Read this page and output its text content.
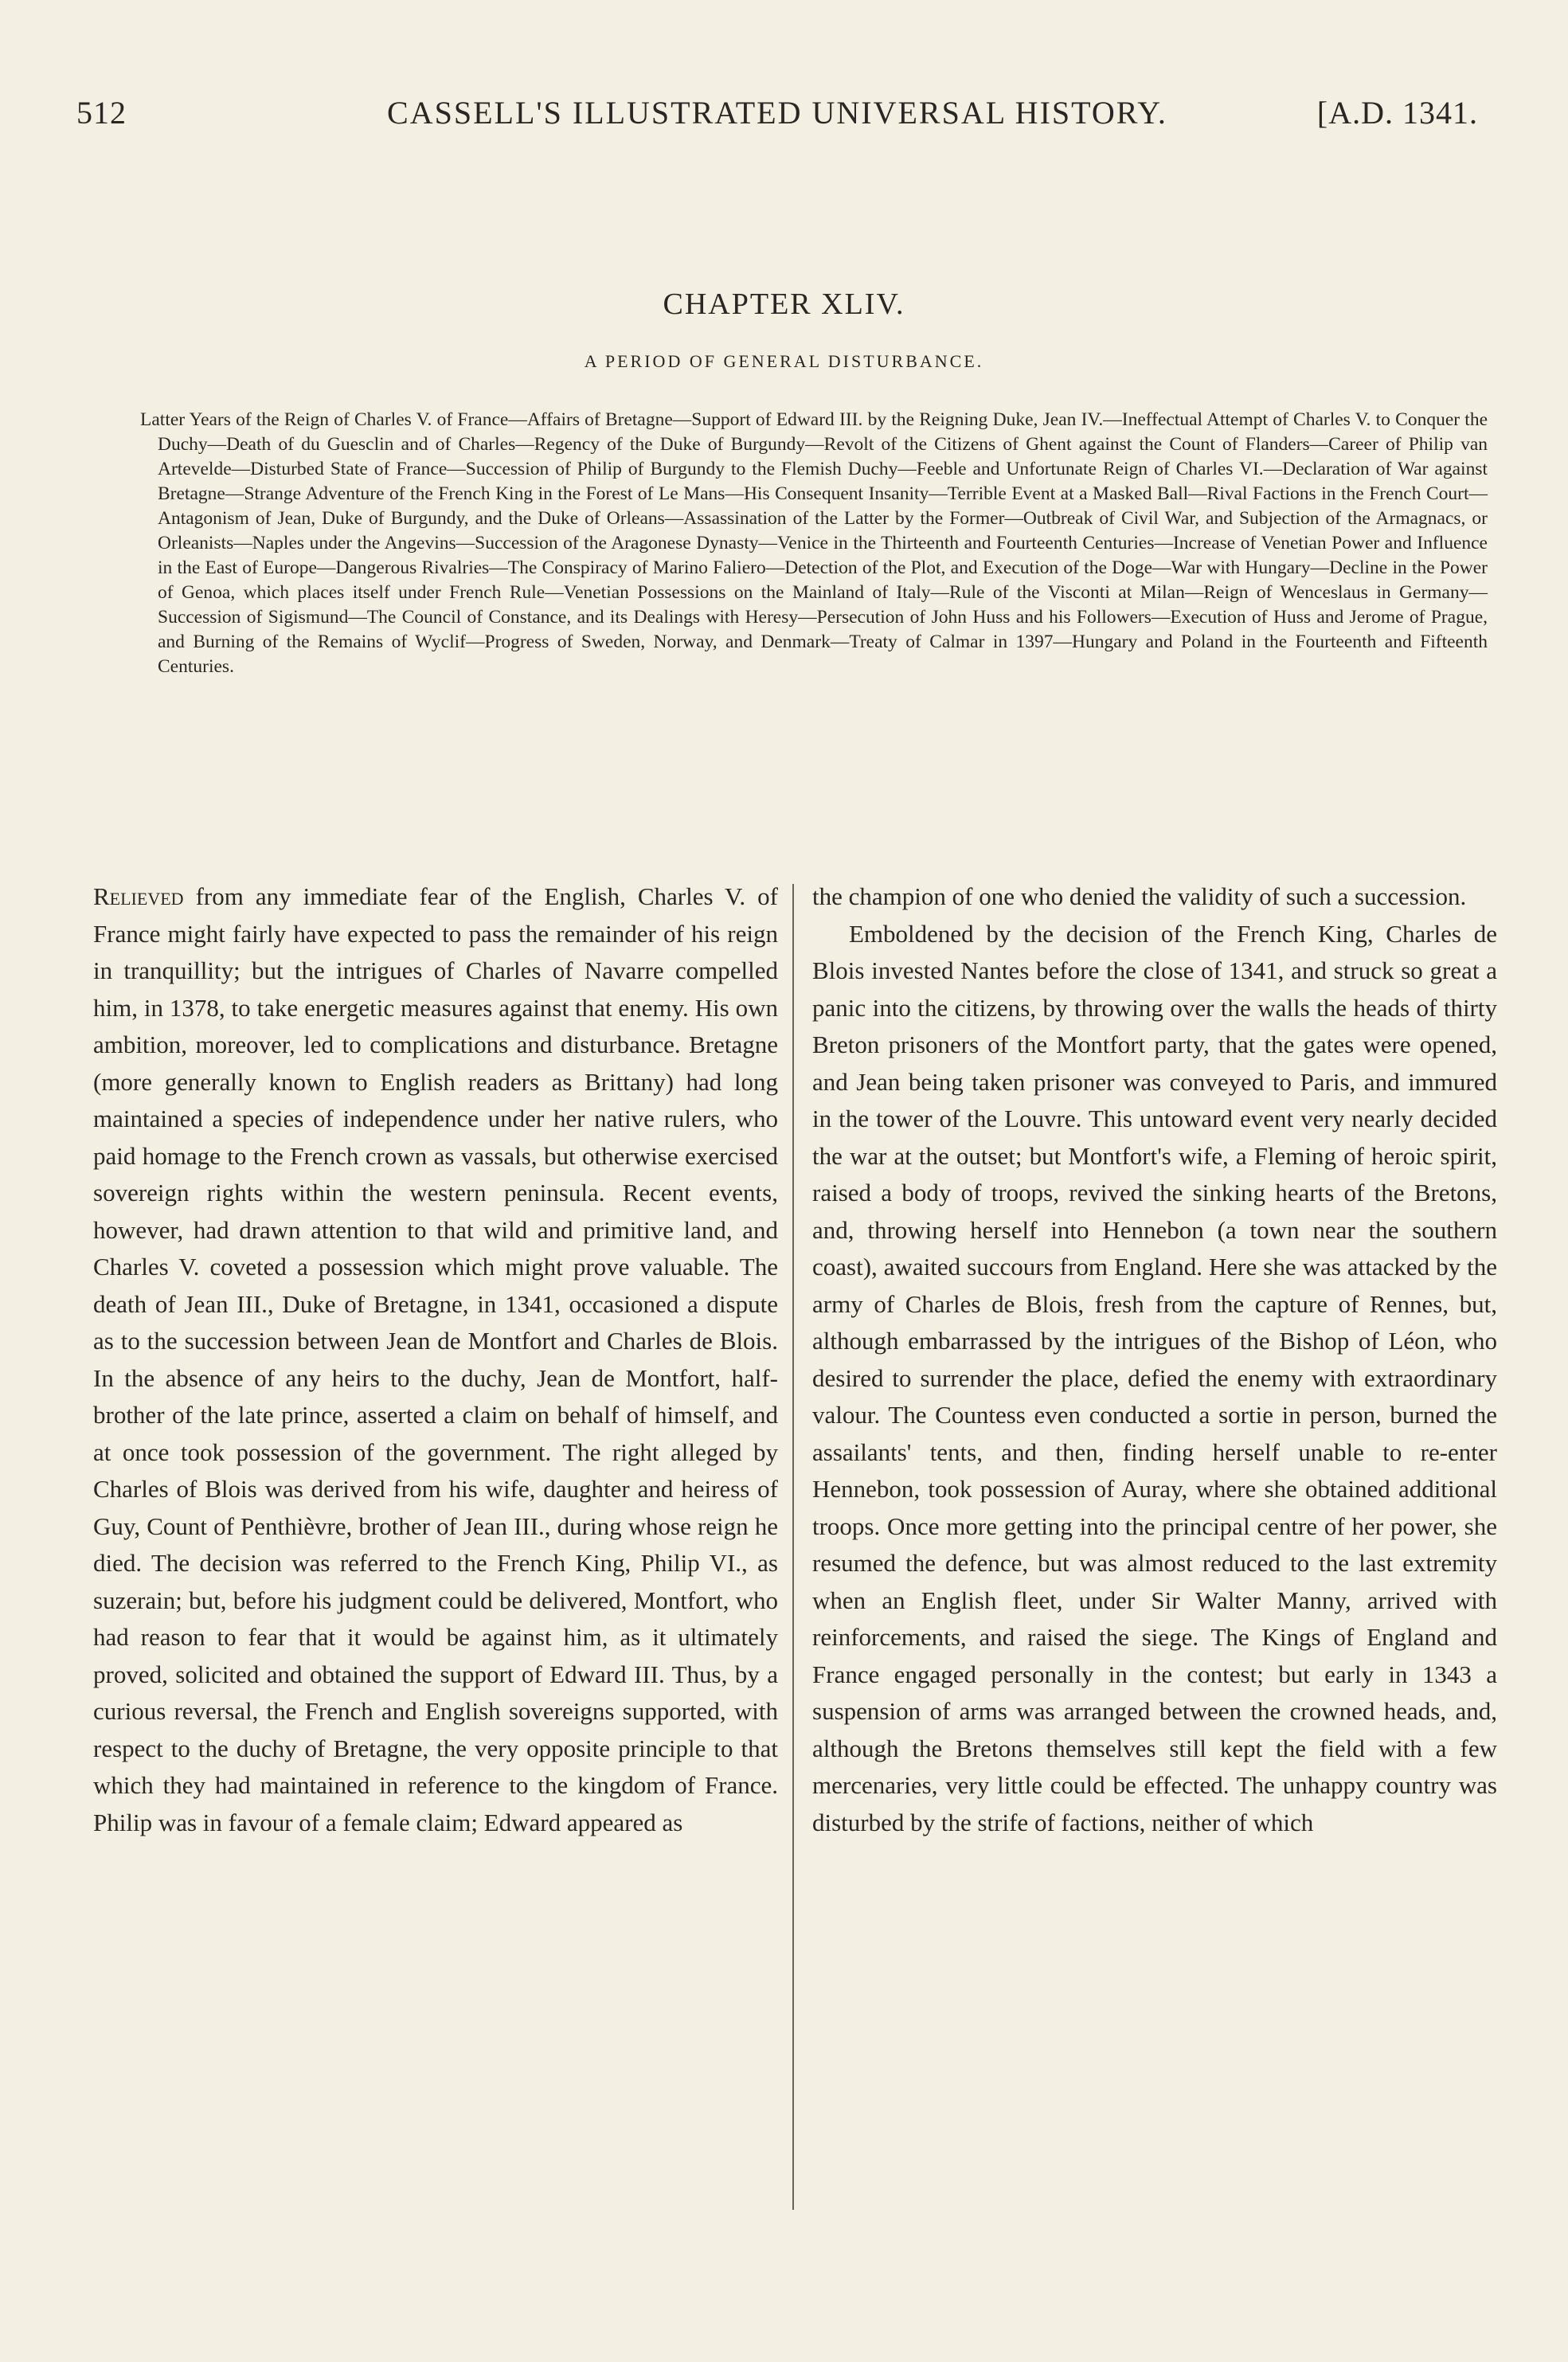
512	CASSELL'S ILLUSTRATED UNIVERSAL HISTORY.	[A.D. 1341.
CHAPTER XLIV.
A PERIOD OF GENERAL DISTURBANCE.
Latter Years of the Reign of Charles V. of France—Affairs of Bretagne—Support of Edward III. by the Reigning Duke, Jean IV.—Ineffectual Attempt of Charles V. to Conquer the Duchy—Death of du Guesclin and of Charles—Regency of the Duke of Burgundy—Revolt of the Citizens of Ghent against the Count of Flanders—Career of Philip van Artevelde—Disturbed State of France—Succession of Philip of Burgundy to the Flemish Duchy—Feeble and Unfortunate Reign of Charles VI.—Declaration of War against Bretagne—Strange Adventure of the French King in the Forest of Le Mans—His Consequent Insanity—Terrible Event at a Masked Ball—Rival Factions in the French Court—Antagonism of Jean, Duke of Burgundy, and the Duke of Orleans—Assassination of the Latter by the Former—Outbreak of Civil War, and Subjection of the Armagnacs, or Orleanists—Naples under the Angevins—Succession of the Aragonese Dynasty—Venice in the Thirteenth and Fourteenth Centuries—Increase of Venetian Power and Influence in the East of Europe—Dangerous Rivalries—The Conspiracy of Marino Faliero—Detection of the Plot, and Execution of the Doge—War with Hungary—Decline in the Power of Genoa, which places itself under French Rule—Venetian Possessions on the Mainland of Italy—Rule of the Visconti at Milan—Reign of Wenceslaus in Germany—Succession of Sigismund—The Council of Constance, and its Dealings with Heresy—Persecution of John Huss and his Followers—Execution of Huss and Jerome of Prague, and Burning of the Remains of Wyclif—Progress of Sweden, Norway, and Denmark—Treaty of Calmar in 1397—Hungary and Poland in the Fourteenth and Fifteenth Centuries.

Relieved from any immediate fear of the English, Charles V. of France might fairly have expected to pass the remainder of his reign in tranquillity; but the intrigues of Charles of Navarre compelled him, in 1378, to take energetic measures against that enemy. His own ambition, moreover, led to complications and disturbance. Bretagne (more generally known to English readers as Brittany) had long maintained a species of independence under her native rulers, who paid homage to the French crown as vassals, but otherwise exercised sovereign rights within the western peninsula. Recent events, however, had drawn attention to that wild and primitive land, and Charles V. coveted a possession which might prove valuable. The death of Jean III., Duke of Bretagne, in 1341, occasioned a dispute as to the succession between Jean de Montfort and Charles de Blois. In the absence of any heirs to the duchy, Jean de Montfort, half-brother of the late prince, asserted a claim on behalf of himself, and at once took possession of the government. The right alleged by Charles of Blois was derived from his wife, daughter and heiress of Guy, Count of Penthièvre, brother of Jean III., during whose reign he died. The decision was referred to the French King, Philip VI., as suzerain; but, before his judgment could be delivered, Montfort, who had reason to fear that it would be against him, as it ultimately proved, solicited and obtained the support of Edward III. Thus, by a curious reversal, the French and English sovereigns supported, with respect to the duchy of Bretagne, the very opposite principle to that which they had maintained in reference to the kingdom of France. Philip was in favour of a female claim; Edward appeared as

the champion of one who denied the validity of such a succession.

Emboldened by the decision of the French King, Charles de Blois invested Nantes before the close of 1341, and struck so great a panic into the citizens, by throwing over the walls the heads of thirty Breton prisoners of the Montfort party, that the gates were opened, and Jean being taken prisoner was conveyed to Paris, and immured in the tower of the Louvre. This untoward event very nearly decided the war at the outset; but Montfort's wife, a Fleming of heroic spirit, raised a body of troops, revived the sinking hearts of the Bretons, and, throwing herself into Hennebon (a town near the southern coast), awaited succours from England. Here she was attacked by the army of Charles de Blois, fresh from the capture of Rennes, but, although embarrassed by the intrigues of the Bishop of Léon, who desired to surrender the place, defied the enemy with extraordinary valour. The Countess even conducted a sortie in person, burned the assailants' tents, and then, finding herself unable to re-enter Hennebon, took possession of Auray, where she obtained additional troops. Once more getting into the principal centre of her power, she resumed the defence, but was almost reduced to the last extremity when an English fleet, under Sir Walter Manny, arrived with reinforcements, and raised the siege. The Kings of England and France engaged personally in the contest; but early in 1343 a suspension of arms was arranged between the crowned heads, and, although the Bretons themselves still kept the field with a few mercenaries, very little could be effected. The unhappy country was disturbed by the strife of factions, neither of which
